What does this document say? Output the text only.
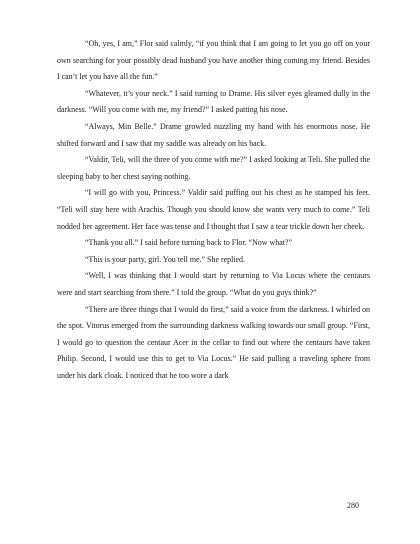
“Oh, yes, I am,” Flor said calmly, “if you think that I am going to let you go off on your own searching for your possibly dead husband you have another thing coming my friend. Besides I can’t let you have all the fun.”

“Whatever, it’s your neck.” I said turning to Drame. His silver eyes gleamed dully in the darkness. “Will you come with me, my friend?” I asked patting his nose.

“Always, Min Belle.” Drame growled nuzzling my hand with his enormous nose. He shifted forward and I saw that my saddle was already on his back.

“Valdir, Teli, will the three of you come with me?” I asked looking at Teli. She pulled the sleeping baby to her chest saying nothing.

“I will go with you, Princess.” Valdir said puffing out his chest as he stamped his feet. “Teli will stay here with Arachis. Though you should know she wants very much to come.” Teli nodded her agreement. Her face was tense and I thought that I saw a tear trickle down her cheek.

“Thank you all.” I said before turning back to Flor. “Now what?”

“This is your party, girl. You tell me.” She replied.

“Well, I was thinking that I would start by returning to Via Locus where the centaurs were and start searching from there.” I told the group. “What do you guys think?”

“There are three things that I would do first,” said a voice from the darkness. I whirled on the spot. Vitorus emerged from the surrounding darkness walking towards our small group. “First, I would go to question the centaur Acer in the cellar to find out where the centaurs have taken Philip. Second, I would use this to get to Via Locus.” He said pulling a traveling sphere from under his dark cloak. I noticed that he too wore a dark

280
